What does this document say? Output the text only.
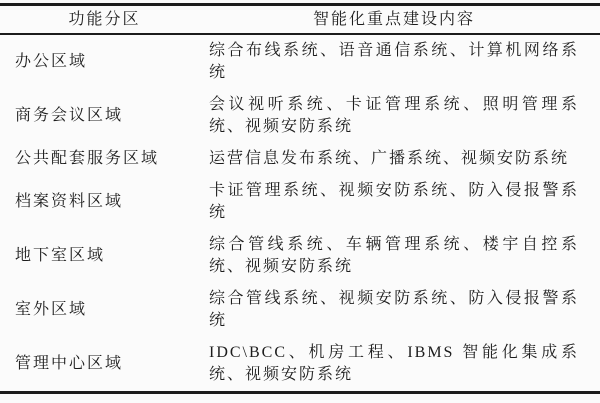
功能分区	智能化重点建设内容
办公区域	综合布线系统、语音通信系统、计算机网络系统
商务会议区域	会议视听系统、卡证管理系统、照明管理系统、视频安防系统
公共配套服务区域	运营信息发布系统、广播系统、视频安防系统
档案资料区域	卡证管理系统、视频安防系统、防入侵报警系统
地下室区域	综合管线系统、车辆管理系统、楼宇自控系统、视频安防系统
室外区域	综合管线系统、视频安防系统、防入侵报警系统
管理中心区域	IDC\BCC、机房工程、IBMS 智能化集成系统、视频安防系统
